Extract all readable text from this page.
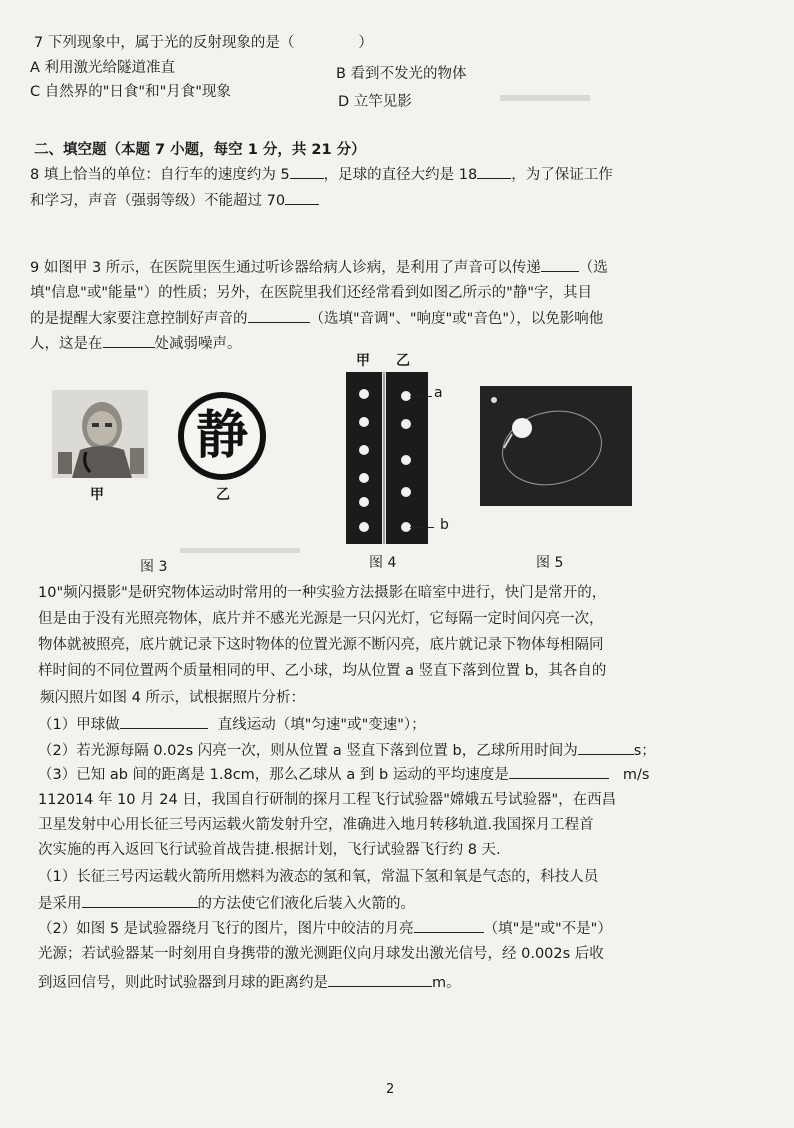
7 下列现象中，属于光的反射现象的是（	）
A 利用激光给隧道准直	B 看到不发光的物体
C 自然界的"日食"和"月食"现象
D 立竿见影
二、填空题（本题 7 小题，每空 1 分，共 21 分）
8 填上恰当的单位：自行车的速度约为 5 ，足球的直径大约是 18 ，为了保证工作
和学习，声音（强弱等级）不能超过 70
9 如图甲 3 所示，在医院里医生通过听诊器给病人诊病，是利用了声音可以传递	（选
填"信息"或"能量"）的性质；另外，在医院里我们还经常看到如图乙所示的"静"字，其目
的是提醒大家要注意控制好声音的	（选填"音调"、"响度"或"音色"），以免影响他
人，这是在	处减弱噪声。
甲
静
乙
图 3
甲 乙
a
b
图 4	图 5
10"频闪摄影"是研究物体运动时常用的一种实验方法摄影在暗室中进行，快门是常开的，
但是由于没有光照亮物体，底片并不感光光源是一只闪光灯，它每隔一定时间闪亮一次，
物体就被照亮，底片就记录下这时物体的位置光源不断闪亮，底片就记录下物体每相隔同
样时间的不同位置两个质量相同的甲、乙小球，均从位置 a 竖直下落到位置 b，其各自的
频闪照片如图 4 所示，试根据照片分析：
（1）甲球做	直线运动（填"匀速"或"变速"）；
（2）若光源每隔 0.02s 闪亮一次，则从位置 a 竖直下落到位置 b，乙球所用时间为	s；
（3）已知 ab 间的距离是 1.8cm，那么乙球从 a 到 b 运动的平均速度是	m/s
112014 年 10 月 24 日，我国自行研制的探月工程飞行试验器"嫦娥五号试验器"，在西昌
卫星发射中心用长征三号丙运载火箭发射升空，准确进入地月转移轨道.我国探月工程首
次实施的再入返回飞行试验首战告捷.根据计划，飞行试验器飞行约 8 天.
（1）长征三号丙运载火箭所用燃料为液态的氢和氧，常温下氢和氧是气态的，科技人员
是采用	的方法使它们液化后装入火箭的。
（2）如图 5 是试验器绕月飞行的图片，图片中皎洁的月亮	（填"是"或"不是"）
光源；若试验器某一时刻用自身携带的激光测距仪向月球发出激光信号，经 0.002s 后收
到返回信号，则此时试验器到月球的距离约是	m。
2
